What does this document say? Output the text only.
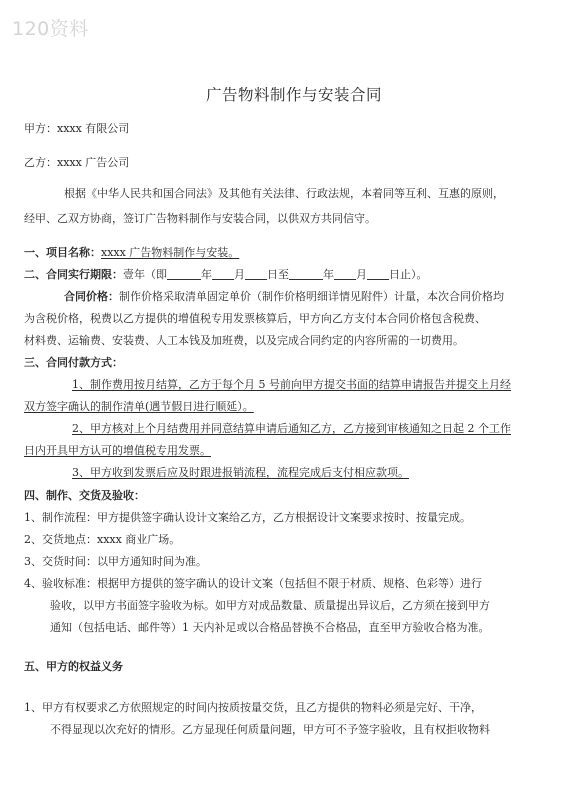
120资料
广告物料制作与安装合同
甲方：xxxx 有限公司
乙方：xxxx 广告公司
根据《中华人民共和国合同法》及其他有关法律、行政法规，本着同等互利、互惠的原则，
经甲、乙双方协商，签订广告物料制作与安装合同，以供双方共同信守。
一、项目名称：xxxx 广告物料制作与安装。
二、合同实行期限：壹年（即	年 月 日至	年 月 日止）。
合同价格：制作价格采取清单固定单价（制作价格明细详情见附件）计量，本次合同价格均
为含税价格，税费以乙方提供的增值税专用发票核算后，甲方向乙方支付本合同价格包含税费、
材料费、运输费、安装费、人工本钱及加班费，以及完成合同约定的内容所需的一切费用。
三、合同付款方式：
1、制作费用按月结算，乙方于每个月 5 号前向甲方提交书面的结算申请报告并提交上月经
双方签字确认的制作清单(遇节假日进行顺延）。
2、甲方核对上个月结费用并同意结算申请后通知乙方，乙方接到审核通知之日起 2 个工作
日内开具甲方认可的增值税专用发票。
3、甲方收到发票后应及时跟进报销流程，流程完成后支付相应款项。
四、制作、交货及验收：
1、制作流程：甲方提供签字确认设计文案给乙方，乙方根据设计文案要求按时、按量完成。
2、交货地点：xxxx 商业广场。
3、交货时间：以甲方通知时间为准。
4、验收标准：根据甲方提供的签字确认的设计文案（包括但不限于材质、规格、色彩等）进行
验收，以甲方书面签字验收为标。如甲方对成品数量、质量提出异议后，乙方须在接到甲方
通知（包括电话、邮件等）1 天内补足或以合格品替换不合格品，直至甲方验收合格为准。
五、甲方的权益义务
1、甲方有权要求乙方依照规定的时间内按质按量交货，且乙方提供的物料必须是完好、干净，
不得显现以次充好的情形。乙方显现任何质量问题，甲方可不予签字验收，且有权拒收物料
